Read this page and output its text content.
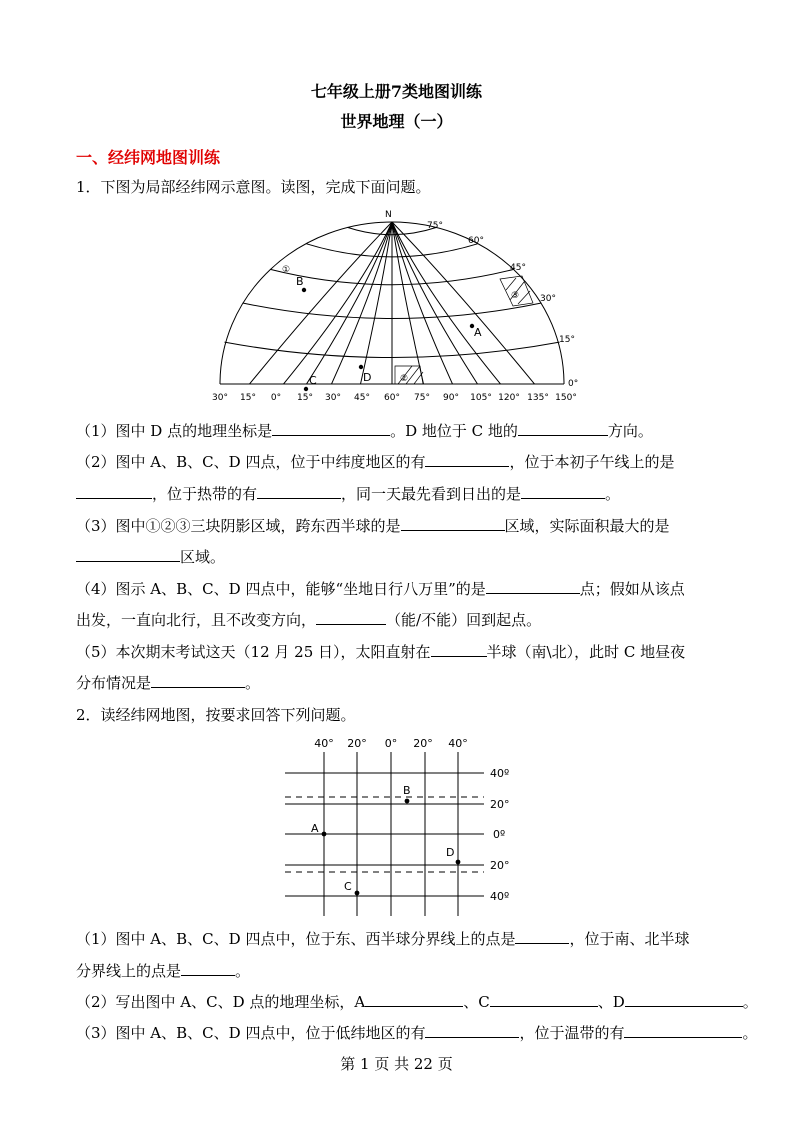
七年级上册7类地图训练
世界地理（一）
一、经纬网地图训练
1．下图为局部经纬网示意图。读图，完成下面问题。
N
75°
60°
45°
30°
15°
0°
30° 15° 0° 15° 30° 45° 60° 75° 90° 105° 120° 135° 150°
A
B
C	D
①
②
③
（1）图中 D 点的地理坐标是	。D 地位于 C 地的	方向。
（2）图中 A、B、C、D 四点，位于中纬度地区的有	，位于本初子午线上的是
，位于热带的有	，同一天最先看到日出的是	。
（3）图中①②③三块阴影区域，跨东西半球的是	区域，实际面积最大的是
区域。
（4）图示 A、B、C、D 四点中，能够“坐地日行八万里”的是	点；假如从该点
出发，一直向北行，且不改变方向，	（能/不能）回到起点。
（5）本次期末考试这天（12 月 25 日），太阳直射在	半球（南\北），此时 C 地昼夜
分布情况是	。
2．读经纬网地图，按要求回答下列问题。
40° 20° 0° 20° 40°
40º
20°
0º
20°
40º
A
B
C
D
（1）图中 A、B、C、D 四点中，位于东、西半球分界线上的点是	，位于南、北半球
分界线上的点是	。
（2）写出图中 A、C、D 点的地理坐标，A	、C	、D	。
（3）图中 A、B、C、D 四点中，位于低纬地区的有	，位于温带的有	。
第 1 页 共 22 页
